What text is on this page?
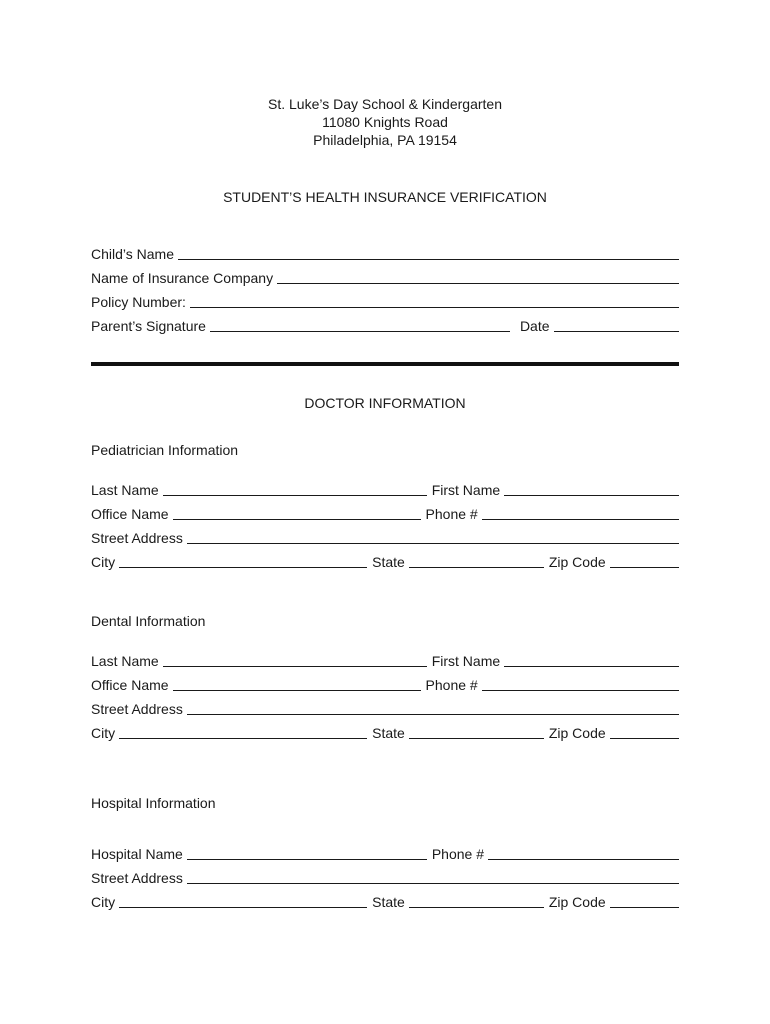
St. Luke’s Day School & Kindergarten
11080 Knights Road
Philadelphia, PA 19154
STUDENT’S HEALTH INSURANCE VERIFICATION
Child’s Name
Name of Insurance Company
Policy Number:
Parent’s Signature	Date
DOCTOR INFORMATION
Pediatrician Information
Last Name	First Name
Office Name	Phone #
Street Address
City	State	Zip Code
Dental Information
Last Name	First Name
Office Name	Phone #
Street Address
City	State	Zip Code
Hospital Information
Hospital Name	Phone #
Street Address
City	State	Zip Code
